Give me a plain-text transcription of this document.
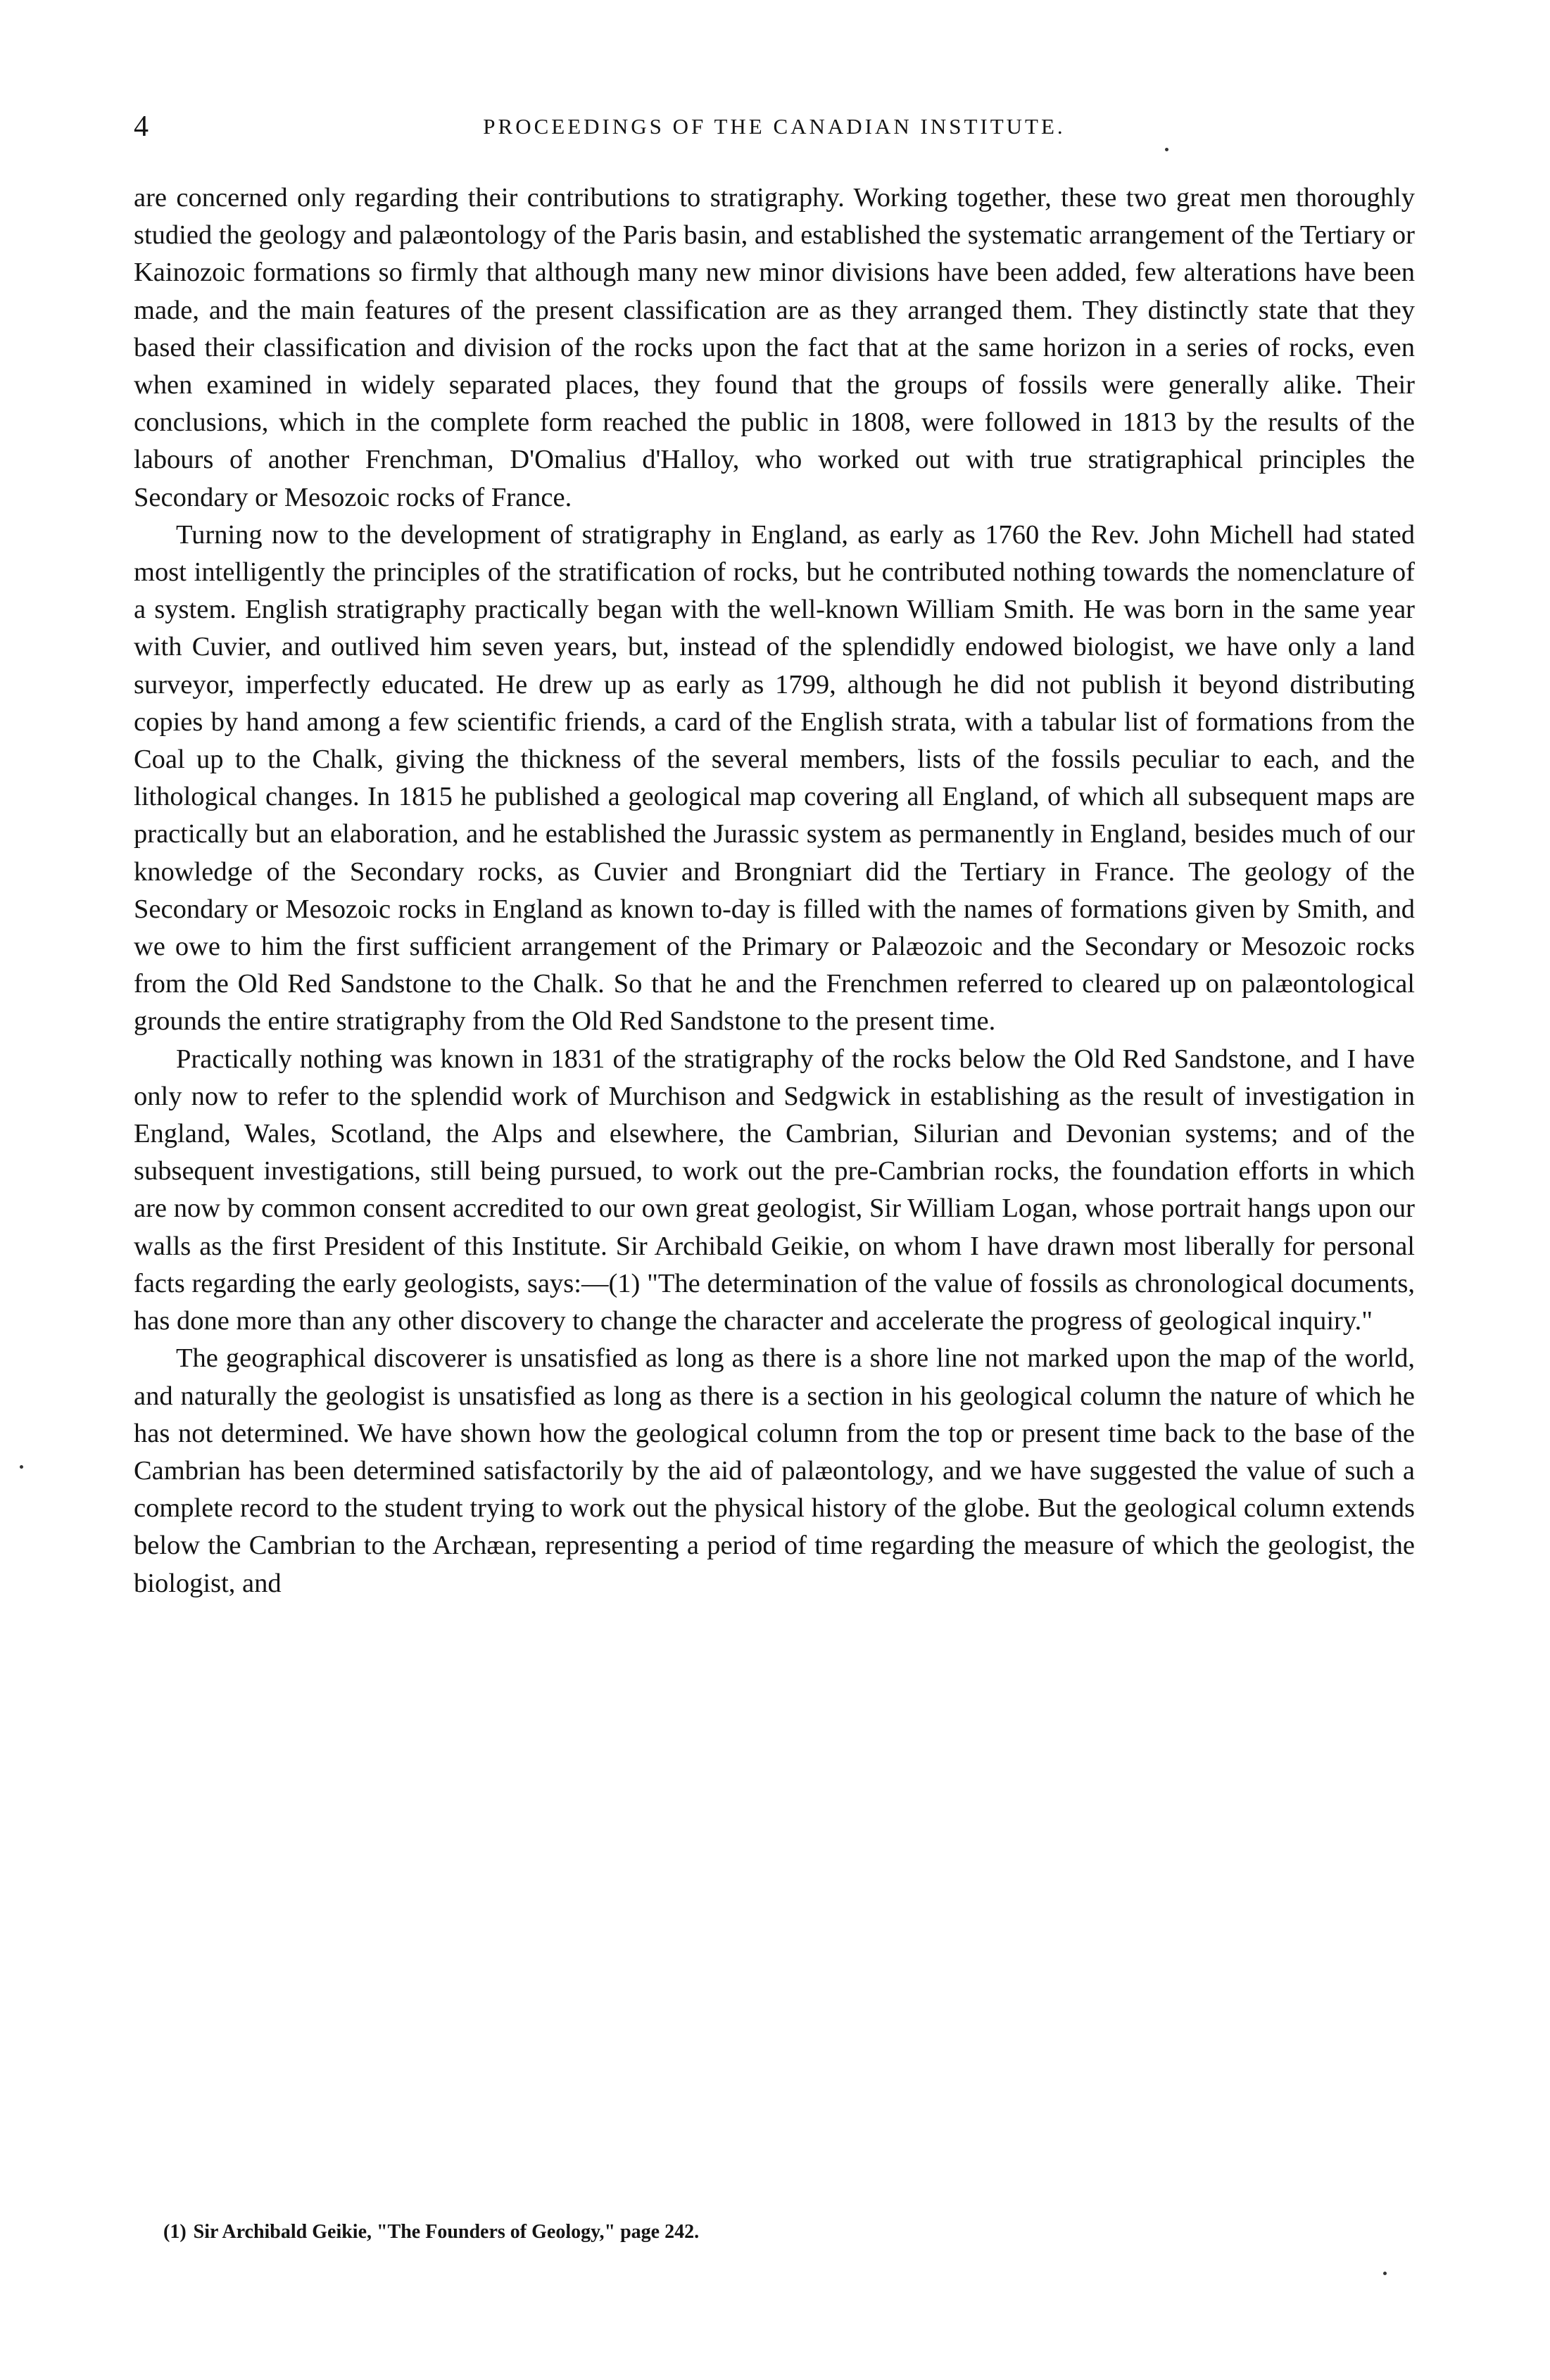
4	PROCEEDINGS OF THE CANADIAN INSTITUTE.

are concerned only regarding their contributions to stratigraphy. Working together, these two great men thoroughly studied the geology and palæontology of the Paris basin, and established the systematic arrangement of the Tertiary or Kainozoic formations so firmly that although many new minor divisions have been added, few alterations have been made, and the main features of the present classification are as they arranged them. They distinctly state that they based their classification and division of the rocks upon the fact that at the same horizon in a series of rocks, even when examined in widely separated places, they found that the groups of fossils were generally alike. Their conclusions, which in the complete form reached the public in 1808, were followed in 1813 by the results of the labours of another Frenchman, D'Omalius d'Halloy, who worked out with true stratigraphical principles the Secondary or Mesozoic rocks of France.

Turning now to the development of stratigraphy in England, as early as 1760 the Rev. John Michell had stated most intelligently the principles of the stratification of rocks, but he contributed nothing towards the nomenclature of a system. English stratigraphy practically began with the well-known William Smith. He was born in the same year with Cuvier, and outlived him seven years, but, instead of the splendidly endowed biologist, we have only a land surveyor, imperfectly educated. He drew up as early as 1799, although he did not publish it beyond distributing copies by hand among a few scientific friends, a card of the English strata, with a tabular list of formations from the Coal up to the Chalk, giving the thickness of the several members, lists of the fossils peculiar to each, and the lithological changes. In 1815 he published a geological map covering all England, of which all subsequent maps are practically but an elaboration, and he established the Jurassic system as permanently in England, besides much of our knowledge of the Secondary rocks, as Cuvier and Brongniart did the Tertiary in France. The geology of the Secondary or Mesozoic rocks in England as known to-day is filled with the names of formations given by Smith, and we owe to him the first sufficient arrangement of the Primary or Palæozoic and the Secondary or Mesozoic rocks from the Old Red Sandstone to the Chalk. So that he and the Frenchmen referred to cleared up on palæontological grounds the entire stratigraphy from the Old Red Sandstone to the present time.

Practically nothing was known in 1831 of the stratigraphy of the rocks below the Old Red Sandstone, and I have only now to refer to the splendid work of Murchison and Sedgwick in establishing as the result of investigation in England, Wales, Scotland, the Alps and elsewhere, the Cambrian, Silurian and Devonian systems; and of the subsequent investigations, still being pursued, to work out the pre-Cambrian rocks, the foundation efforts in which are now by common consent accredited to our own great geologist, Sir William Logan, whose portrait hangs upon our walls as the first President of this Institute. Sir Archibald Geikie, on whom I have drawn most liberally for personal facts regarding the early geologists, says:—(1) "The determination of the value of fossils as chronological documents, has done more than any other discovery to change the character and accelerate the progress of geological inquiry."

The geographical discoverer is unsatisfied as long as there is a shore line not marked upon the map of the world, and naturally the geologist is unsatisfied as long as there is a section in his geological column the nature of which he has not determined. We have shown how the geological column from the top or present time back to the base of the Cambrian has been determined satisfactorily by the aid of palæontology, and we have suggested the value of such a complete record to the student trying to work out the physical history of the globe. But the geological column extends below the Cambrian to the Archæan, representing a period of time regarding the measure of which the geologist, the biologist, and

(1) Sir Archibald Geikie, "The Founders of Geology," page 242.
